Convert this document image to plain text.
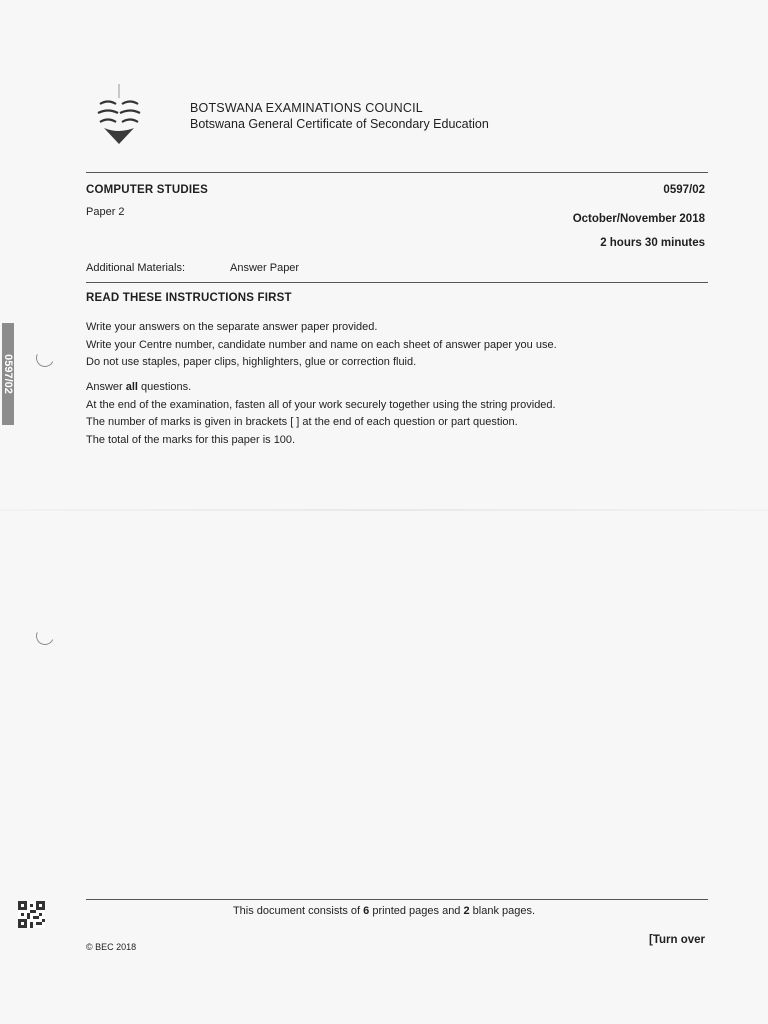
BOTSWANA EXAMINATIONS COUNCIL
Botswana General Certificate of Secondary Education
COMPUTER STUDIES	0597/02
Paper 2
October/November 2018
2 hours 30 minutes
Additional Materials:	Answer Paper
READ THESE INSTRUCTIONS FIRST
Write your answers on the separate answer paper provided.
Write your Centre number, candidate number and name on each sheet of answer paper you use.
Do not use staples, paper clips, highlighters, glue or correction fluid.
Answer all questions.
At the end of the examination, fasten all of your work securely together using the string provided.
The number of marks is given in brackets [ ] at the end of each question or part question.
The total of the marks for this paper is 100.
0597/02
This document consists of 6 printed pages and 2 blank pages.
© BEC 2018
[Turn over
